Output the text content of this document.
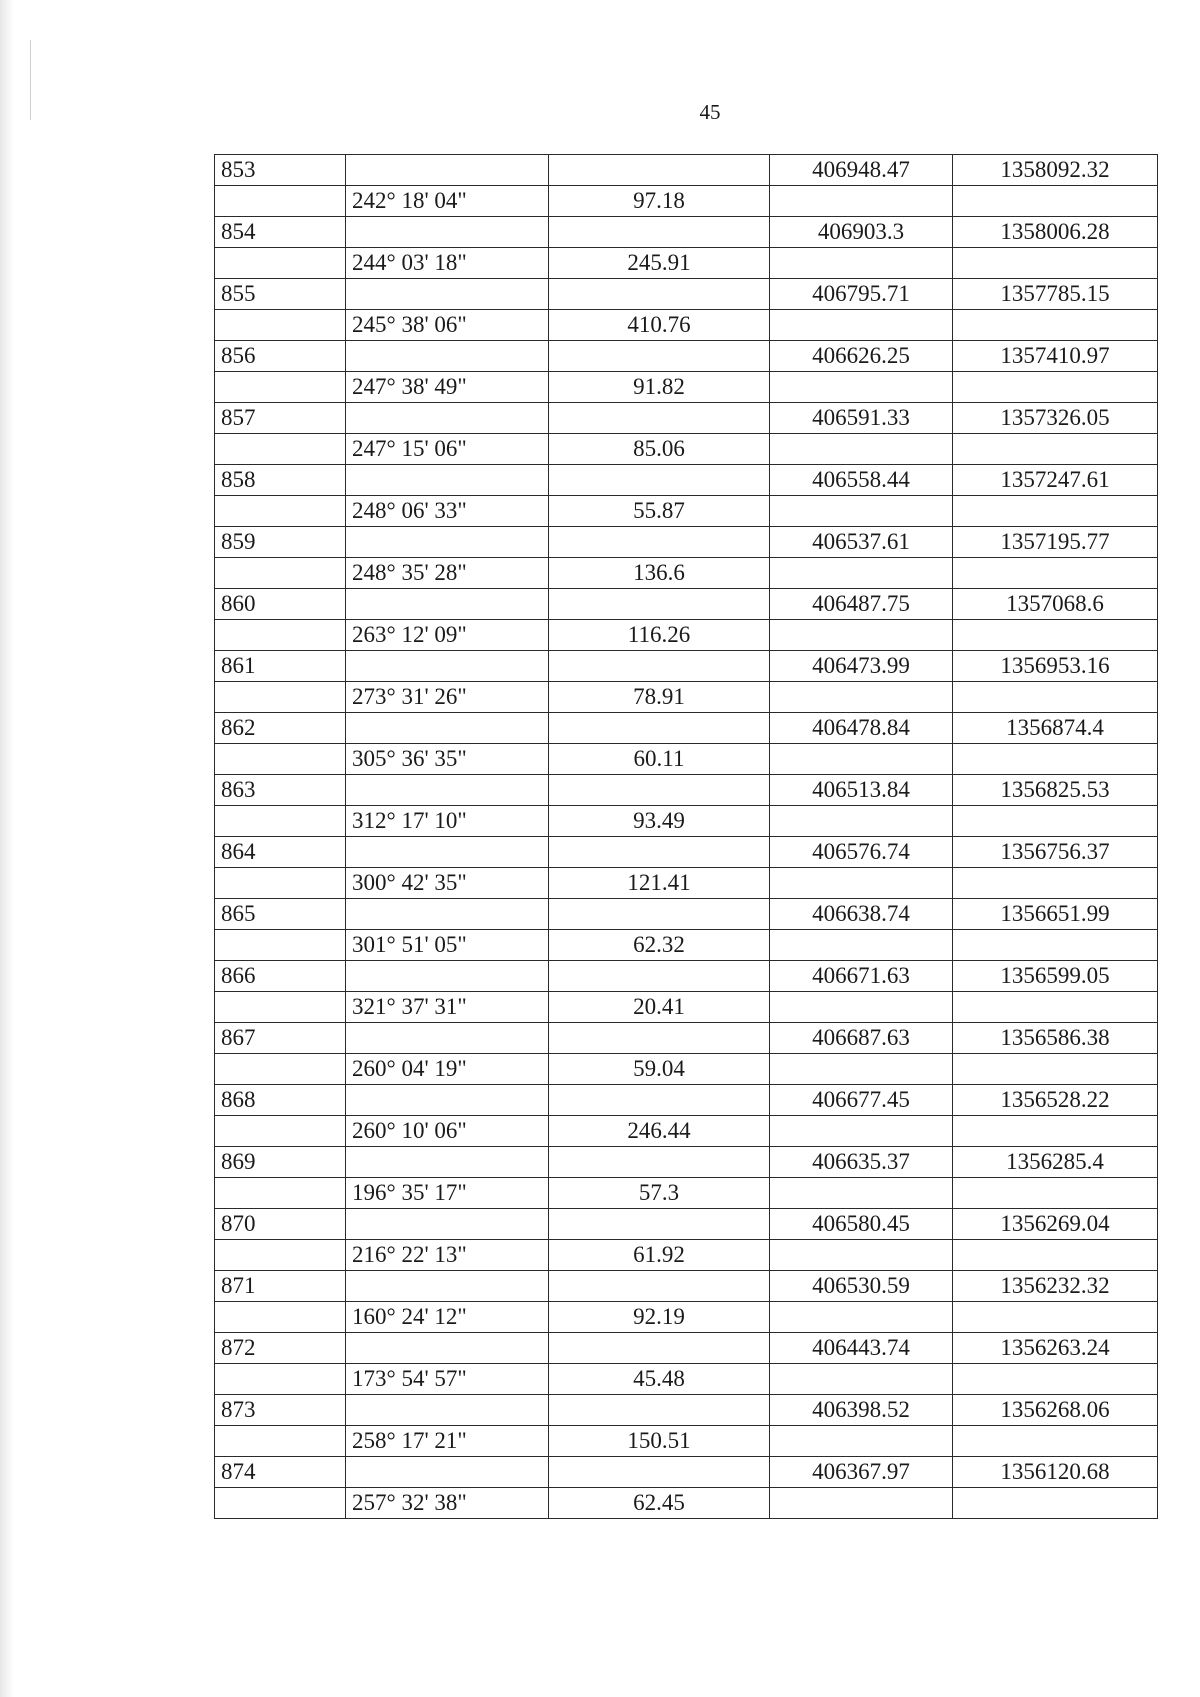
45
853			406948.47	1358092.32
	242° 18' 04"	97.18		
854			406903.3	1358006.28
	244° 03' 18"	245.91		
855			406795.71	1357785.15
	245° 38' 06"	410.76		
856			406626.25	1357410.97
	247° 38' 49"	91.82		
857			406591.33	1357326.05
	247° 15' 06"	85.06		
858			406558.44	1357247.61
	248° 06' 33"	55.87		
859			406537.61	1357195.77
	248° 35' 28"	136.6		
860			406487.75	1357068.6
	263° 12' 09"	116.26		
861			406473.99	1356953.16
	273° 31' 26"	78.91		
862			406478.84	1356874.4
	305° 36' 35"	60.11		
863			406513.84	1356825.53
	312° 17' 10"	93.49		
864			406576.74	1356756.37
	300° 42' 35"	121.41		
865			406638.74	1356651.99
	301° 51' 05"	62.32		
866			406671.63	1356599.05
	321° 37' 31"	20.41		
867			406687.63	1356586.38
	260° 04' 19"	59.04		
868			406677.45	1356528.22
	260° 10' 06"	246.44		
869			406635.37	1356285.4
	196° 35' 17"	57.3		
870			406580.45	1356269.04
	216° 22' 13"	61.92		
871			406530.59	1356232.32
	160° 24' 12"	92.19		
872			406443.74	1356263.24
	173° 54' 57"	45.48		
873			406398.52	1356268.06
	258° 17' 21"	150.51		
874			406367.97	1356120.68
	257° 32' 38"	62.45		
